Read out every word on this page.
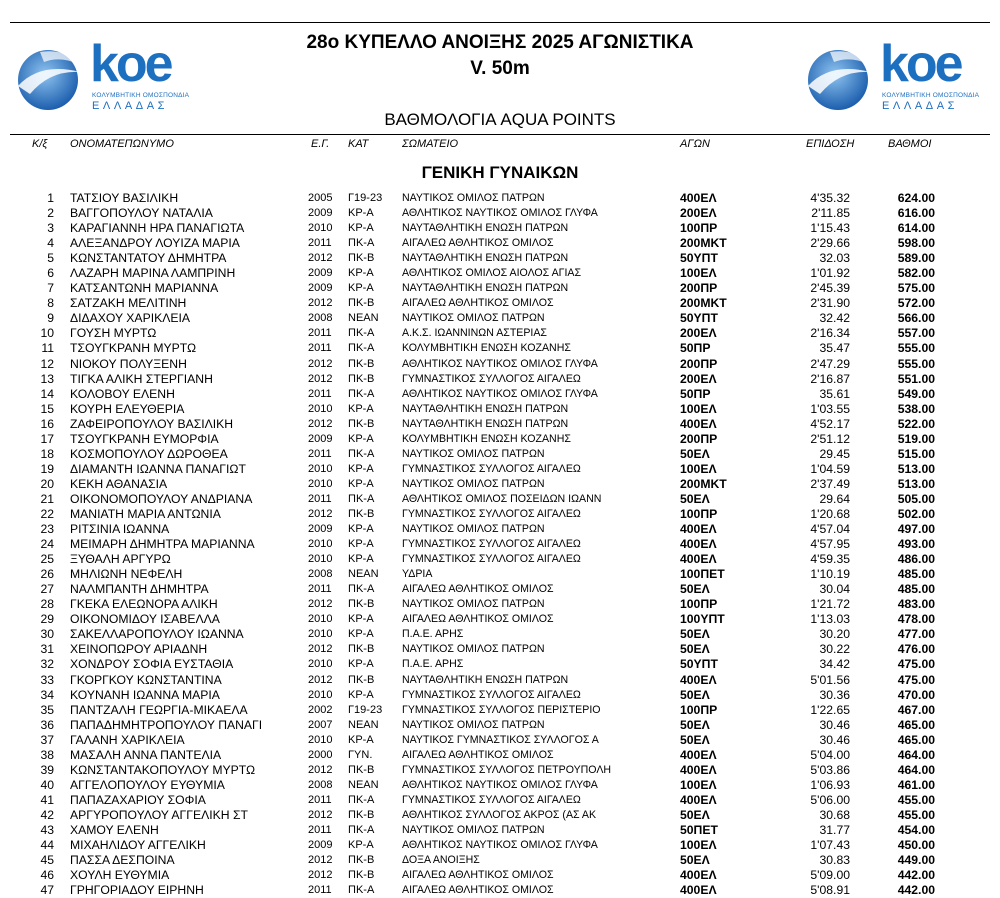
koe
ΚΟΛΥΜΒΗΤΙΚΗ ΟΜΟΣΠΟΝΔΙΑ
ΕΛΛΑΔΑΣ
koe
ΚΟΛΥΜΒΗΤΙΚΗ ΟΜΟΣΠΟΝΔΙΑ
ΕΛΛΑΔΑΣ
28ο ΚΥΠΕΛΛΟ ΑΝΟΙΞΗΣ 2025 ΑΓΩΝΙΣΤΙΚΑ
V. 50m
ΒΑΘΜΟΛΟΓΙΑ AQUA POINTS
Κ/ξ ΟΝΟΜΑΤΕΠΩΝΥΜΟ	Ε.Γ. ΚΑΤ	ΣΩΜΑΤΕΙΟ	ΑΓΩΝ	ΕΠΙΔΟΣΗ	ΒΑΘΜΟΙ
ΓΕΝΙΚΗ ΓΥΝΑΙΚΩΝ
1 ΤΑΤΣΙΟΥ ΒΑΣΙΛΙΚΗ	2005 Γ19-23 ΝΑΥΤΙΚΟΣ ΟΜΙΛΟΣ ΠΑΤΡΩΝ	400ΕΛ	4'35.32	624.00
2 ΒΑΓΓΟΠΟΥΛΟΥ ΝΑΤΑΛΙΑ	2009 ΚΡ-Α	ΑΘΛΗΤΙΚΟΣ ΝΑΥΤΙΚΟΣ ΟΜΙΛΟΣ ΓΛΥΦΑ	200ΕΛ	2'11.85	616.00
3 ΚΑΡΑΓΙΑΝΝΗ ΗΡΑ ΠΑΝΑΓΙΩΤΑ	2010 ΚΡ-Α	ΝΑΥΤΑΘΛΗΤΙΚΗ ΕΝΩΣΗ ΠΑΤΡΩΝ	100ΠΡ	1'15.43	614.00
4 ΑΛΕΞΑΝΔΡΟΥ ΛΟΥΙΖΑ ΜΑΡΙΑ	2011 ΠΚ-Α	ΑΙΓΑΛΕΩ ΑΘΛΗΤΙΚΟΣ ΟΜΙΛΟΣ	200ΜΚΤ	2'29.66	598.00
5 ΚΩΝΣΤΑΝΤΑΤΟΥ ΔΗΜΗΤΡΑ	2012 ΠΚ-Β	ΝΑΥΤΑΘΛΗΤΙΚΗ ΕΝΩΣΗ ΠΑΤΡΩΝ	50ΥΠΤ	32.03	589.00
6 ΛΑΖΑΡΗ ΜΑΡΙΝΑ ΛΑΜΠΡΙΝΗ	2009 ΚΡ-Α	ΑΘΛΗΤΙΚΟΣ ΟΜΙΛΟΣ ΑΙΟΛΟΣ ΑΓΙΑΣ	100ΕΛ	1'01.92	582.00
7 ΚΑΤΣΑΝΤΩΝΗ ΜΑΡΙΑΝΝΑ	2009 ΚΡ-Α	ΝΑΥΤΑΘΛΗΤΙΚΗ ΕΝΩΣΗ ΠΑΤΡΩΝ	200ΠΡ	2'45.39	575.00
8 ΣΑΤΖΑΚΗ ΜΕΛΙΤΙΝΗ	2012 ΠΚ-Β	ΑΙΓΑΛΕΩ ΑΘΛΗΤΙΚΟΣ ΟΜΙΛΟΣ	200ΜΚΤ	2'31.90	572.00
9 ΔΙΔΑΧΟΥ ΧΑΡΙΚΛΕΙΑ	2008 ΝΕΑΝ ΝΑΥΤΙΚΟΣ ΟΜΙΛΟΣ ΠΑΤΡΩΝ	50ΥΠΤ	32.42	566.00
10 ΓΟΥΣΗ ΜΥΡΤΩ	2011 ΠΚ-Α	Α.Κ.Σ. ΙΩΑΝΝΙΝΩΝ ΑΣΤΕΡΙΑΣ	200ΕΛ	2'16.34	557.00
11 ΤΣΟΥΓΚΡΑΝΗ ΜΥΡΤΩ	2011 ΠΚ-Α	ΚΟΛΥΜΒΗΤΙΚΗ ΕΝΩΣΗ ΚΟΖΑΝΗΣ	50ΠΡ	35.47	555.00
12 ΝΙΟΚΟΥ ΠΟΛΥΞΕΝΗ	2012 ΠΚ-Β	ΑΘΛΗΤΙΚΟΣ ΝΑΥΤΙΚΟΣ ΟΜΙΛΟΣ ΓΛΥΦΑ	200ΠΡ	2'47.29	555.00
13 ΤΙΓΚΑ ΑΛΙΚΗ ΣΤΕΡΓΙΑΝΗ	2012 ΠΚ-Β	ΓΥΜΝΑΣΤΙΚΟΣ ΣΥΛΛΟΓΟΣ ΑΙΓΑΛΕΩ	200ΕΛ	2'16.87	551.00
14 ΚΟΛΟΒΟΥ ΕΛΕΝΗ	2011 ΠΚ-Α	ΑΘΛΗΤΙΚΟΣ ΝΑΥΤΙΚΟΣ ΟΜΙΛΟΣ ΓΛΥΦΑ	50ΠΡ	35.61	549.00
15 ΚΟΥΡΗ ΕΛΕΥΘΕΡΙΑ	2010 ΚΡ-Α	ΝΑΥΤΑΘΛΗΤΙΚΗ ΕΝΩΣΗ ΠΑΤΡΩΝ	100ΕΛ	1'03.55	538.00
16 ΖΑΦΕΙΡΟΠΟΥΛΟΥ ΒΑΣΙΛΙΚΗ	2012 ΠΚ-Β	ΝΑΥΤΑΘΛΗΤΙΚΗ ΕΝΩΣΗ ΠΑΤΡΩΝ	400ΕΛ	4'52.17	522.00
17 ΤΣΟΥΓΚΡΑΝΗ ΕΥΜΟΡΦΙΑ	2009 ΚΡ-Α	ΚΟΛΥΜΒΗΤΙΚΗ ΕΝΩΣΗ ΚΟΖΑΝΗΣ	200ΠΡ	2'51.12	519.00
18 ΚΟΣΜΟΠΟΥΛΟΥ ΔΩΡΟΘΕΑ	2011 ΠΚ-Α	ΝΑΥΤΙΚΟΣ ΟΜΙΛΟΣ ΠΑΤΡΩΝ	50ΕΛ	29.45	515.00
19 ΔΙΑΜΑΝΤΗ ΙΩΑΝΝΑ ΠΑΝΑΓΙΩΤ	2010 ΚΡ-Α	ΓΥΜΝΑΣΤΙΚΟΣ ΣΥΛΛΟΓΟΣ ΑΙΓΑΛΕΩ	100ΕΛ	1'04.59	513.00
20 ΚΕΚΗ ΑΘΑΝΑΣΙΑ	2010 ΚΡ-Α	ΝΑΥΤΙΚΟΣ ΟΜΙΛΟΣ ΠΑΤΡΩΝ	200ΜΚΤ	2'37.49	513.00
21 ΟΙΚΟΝΟΜΟΠΟΥΛΟΥ ΑΝΔΡΙΑΝΑ	2011 ΠΚ-Α	ΑΘΛΗΤΙΚΟΣ ΟΜΙΛΟΣ ΠΟΣΕΙΔΩΝ ΙΩΑΝΝ	50ΕΛ	29.64	505.00
22 ΜΑΝΙΑΤΗ ΜΑΡΙΑ ΑΝΤΩΝΙΑ	2012 ΠΚ-Β	ΓΥΜΝΑΣΤΙΚΟΣ ΣΥΛΛΟΓΟΣ ΑΙΓΑΛΕΩ	100ΠΡ	1'20.68	502.00
23 ΡΙΤΣΙΝΙΑ ΙΩΑΝΝΑ	2009 ΚΡ-Α	ΝΑΥΤΙΚΟΣ ΟΜΙΛΟΣ ΠΑΤΡΩΝ	400ΕΛ	4'57.04	497.00
24 ΜΕΙΜΑΡΗ ΔΗΜΗΤΡΑ ΜΑΡΙΑΝΝΑ	2010 ΚΡ-Α	ΓΥΜΝΑΣΤΙΚΟΣ ΣΥΛΛΟΓΟΣ ΑΙΓΑΛΕΩ	400ΕΛ	4'57.95	493.00
25 ΞΥΘΑΛΗ ΑΡΓΥΡΩ	2010 ΚΡ-Α	ΓΥΜΝΑΣΤΙΚΟΣ ΣΥΛΛΟΓΟΣ ΑΙΓΑΛΕΩ	400ΕΛ	4'59.35	486.00
26 ΜΗΛΙΩΝΗ ΝΕΦΕΛΗ	2008 ΝΕΑΝ ΥΔΡΙΑ	100ΠΕΤ	1'10.19	485.00
27 ΝΑΛΜΠΑΝΤΗ ΔΗΜΗΤΡΑ	2011 ΠΚ-Α	ΑΙΓΑΛΕΩ ΑΘΛΗΤΙΚΟΣ ΟΜΙΛΟΣ	50ΕΛ	30.04	485.00
28 ΓΚΕΚΑ ΕΛΕΩΝΟΡΑ ΑΛΙΚΗ	2012 ΠΚ-Β	ΝΑΥΤΙΚΟΣ ΟΜΙΛΟΣ ΠΑΤΡΩΝ	100ΠΡ	1'21.72	483.00
29 ΟΙΚΟΝΟΜΙΔΟΥ ΙΣΑΒΕΛΛΑ	2010 ΚΡ-Α	ΑΙΓΑΛΕΩ ΑΘΛΗΤΙΚΟΣ ΟΜΙΛΟΣ	100ΥΠΤ	1'13.03	478.00
30 ΣΑΚΕΛΛΑΡΟΠΟΥΛΟΥ ΙΩΑΝΝΑ	2010 ΚΡ-Α	Π.Α.Ε. ΑΡΗΣ	50ΕΛ	30.20	477.00
31 ΧΕΙΝΟΠΩΡΟΥ ΑΡΙΑΔΝΗ	2012 ΠΚ-Β	ΝΑΥΤΙΚΟΣ ΟΜΙΛΟΣ ΠΑΤΡΩΝ	50ΕΛ	30.22	476.00
32 ΧΟΝΔΡΟΥ ΣΟΦΙΑ ΕΥΣΤΑΘΙΑ	2010 ΚΡ-Α	Π.Α.Ε. ΑΡΗΣ	50ΥΠΤ	34.42	475.00
33 ΓΚΟΡΓΚΟΥ ΚΩΝΣΤΑΝΤΙΝΑ	2012 ΠΚ-Β	ΝΑΥΤΑΘΛΗΤΙΚΗ ΕΝΩΣΗ ΠΑΤΡΩΝ	400ΕΛ	5'01.56	475.00
34 ΚΟΥΝΑΝΗ ΙΩΑΝΝΑ ΜΑΡΙΑ	2010 ΚΡ-Α	ΓΥΜΝΑΣΤΙΚΟΣ ΣΥΛΛΟΓΟΣ ΑΙΓΑΛΕΩ	50ΕΛ	30.36	470.00
35 ΠΑΝΤΖΑΛΗ ΓΕΩΡΓΙΑ-ΜΙΚΑΕΛΑ	2002 Γ19-23 ΓΥΜΝΑΣΤΙΚΟΣ ΣΥΛΛΟΓΟΣ ΠΕΡΙΣΤΕΡΙΟ	100ΠΡ	1'22.65	467.00
36 ΠΑΠΑΔΗΜΗΤΡΟΠΟΥΛΟΥ ΠΑΝΑΓΙ	2007 ΝΕΑΝ ΝΑΥΤΙΚΟΣ ΟΜΙΛΟΣ ΠΑΤΡΩΝ	50ΕΛ	30.46	465.00
37 ΓΑΛΑΝΗ ΧΑΡΙΚΛΕΙΑ	2010 ΚΡ-Α	ΝΑΥΤΙΚΟΣ ΓΥΜΝΑΣΤΙΚΟΣ ΣΥΛΛΟΓΟΣ Α	50ΕΛ	30.46	465.00
38 ΜΑΣΑΛΗ ΑΝΝΑ ΠΑΝΤΕΛΙΑ	2000 ΓΥΝ.	ΑΙΓΑΛΕΩ ΑΘΛΗΤΙΚΟΣ ΟΜΙΛΟΣ	400ΕΛ	5'04.00	464.00
39 ΚΩΝΣΤΑΝΤΑΚΟΠΟΥΛΟΥ ΜΥΡΤΩ	2012 ΠΚ-Β	ΓΥΜΝΑΣΤΙΚΟΣ ΣΥΛΛΟΓΟΣ ΠΕΤΡΟΥΠΟΛΗ	400ΕΛ	5'03.86	464.00
40 ΑΓΓΕΛΟΠΟΥΛΟΥ ΕΥΘΥΜΙΑ	2008 ΝΕΑΝ ΑΘΛΗΤΙΚΟΣ ΝΑΥΤΙΚΟΣ ΟΜΙΛΟΣ ΓΛΥΦΑ	100ΕΛ	1'06.93	461.00
41 ΠΑΠΑΖΑΧΑΡΙΟΥ ΣΟΦΙΑ	2011 ΠΚ-Α	ΓΥΜΝΑΣΤΙΚΟΣ ΣΥΛΛΟΓΟΣ ΑΙΓΑΛΕΩ	400ΕΛ	5'06.00	455.00
42 ΑΡΓΥΡΟΠΟΥΛΟΥ ΑΓΓΕΛΙΚΗ ΣΤ	2012 ΠΚ-Β	ΑΘΛΗΤΙΚΟΣ ΣΥΛΛΟΓΟΣ ΑΚΡΟΣ (ΑΣ ΑΚ	50ΕΛ	30.68	455.00
43 ΧΑΜΟΥ ΕΛΕΝΗ	2011 ΠΚ-Α	ΝΑΥΤΙΚΟΣ ΟΜΙΛΟΣ ΠΑΤΡΩΝ	50ΠΕΤ	31.77	454.00
44 ΜΙΧΑΗΛΙΔΟΥ ΑΓΓΕΛΙΚΗ	2009 ΚΡ-Α	ΑΘΛΗΤΙΚΟΣ ΝΑΥΤΙΚΟΣ ΟΜΙΛΟΣ ΓΛΥΦΑ	100ΕΛ	1'07.43	450.00
45 ΠΑΣΣΑ ΔΕΣΠΟΙΝΑ	2012 ΠΚ-Β	ΔΟΞΑ ΑΝΟΙΞΗΣ	50ΕΛ	30.83	449.00
46 ΧΟΥΛΗ ΕΥΘΥΜΙΑ	2012 ΠΚ-Β	ΑΙΓΑΛΕΩ ΑΘΛΗΤΙΚΟΣ ΟΜΙΛΟΣ	400ΕΛ	5'09.00	442.00
47 ΓΡΗΓΟΡΙΑΔΟΥ ΕΙΡΗΝΗ	2011 ΠΚ-Α	ΑΙΓΑΛΕΩ ΑΘΛΗΤΙΚΟΣ ΟΜΙΛΟΣ	400ΕΛ	5'08.91	442.00
